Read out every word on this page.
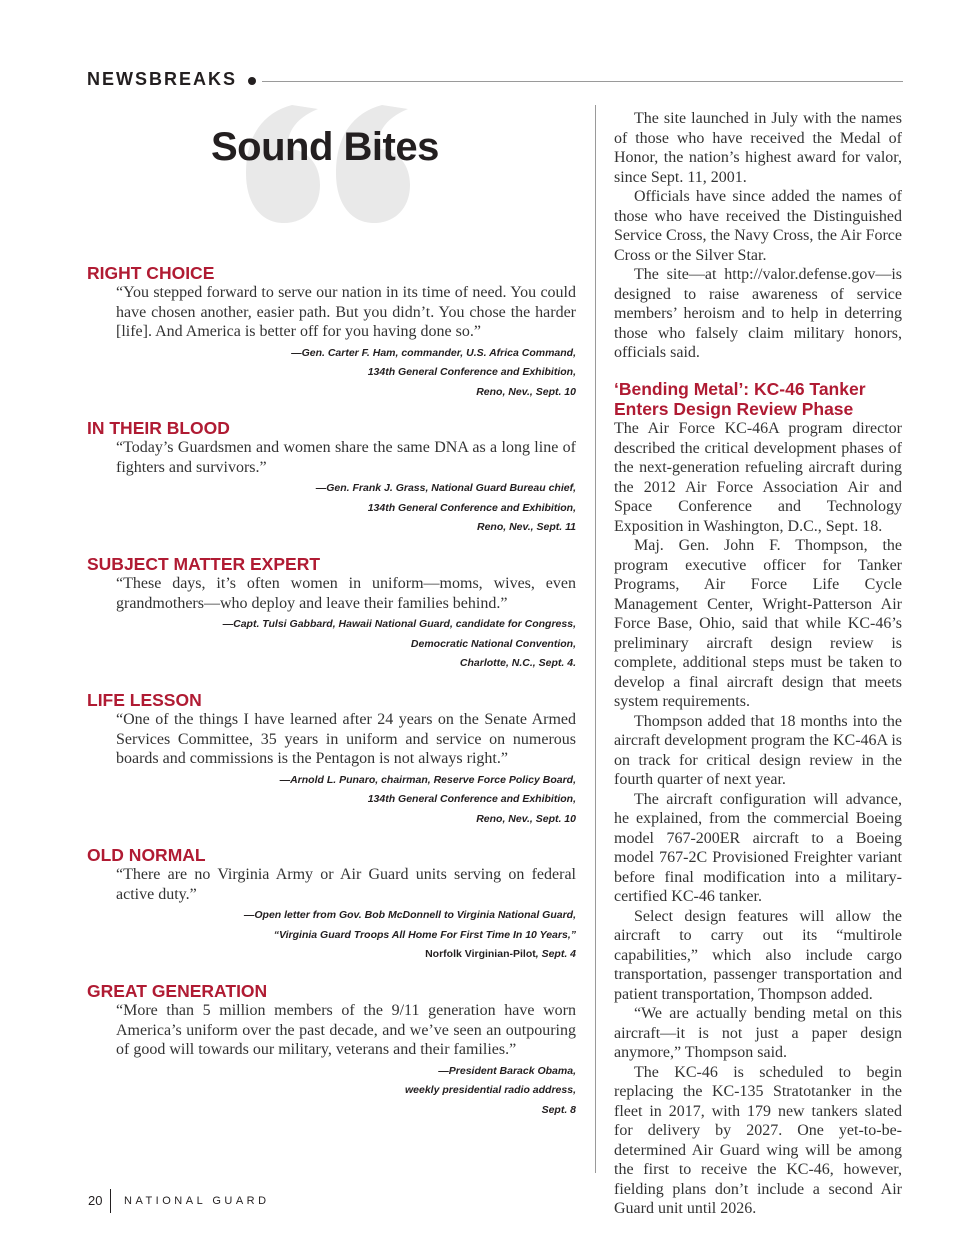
NEWSBREAKS
Sound Bites
RIGHT CHOICE

“You stepped forward to serve our nation in its time of need. You could have chosen another, easier path. But you didn’t. You chose the harder [life]. And America is better off for you having done so.”

—Gen. Carter F. Ham, commander, U.S. Africa Command,
134th General Conference and Exhibition,
Reno, Nev., Sept. 10
IN THEIR BLOOD

“Today’s Guardsmen and women share the same DNA as a long line of fighters and survivors.”

—Gen. Frank J. Grass, National Guard Bureau chief,
134th General Conference and Exhibition,
Reno, Nev., Sept. 11
SUBJECT MATTER EXPERT

“These days, it’s often women in uniform—moms, wives, even grandmothers—who deploy and leave their families behind.”

—Capt. Tulsi Gabbard, Hawaii National Guard, candidate for Congress,
Democratic National Convention,
Charlotte, N.C., Sept. 4.
LIFE LESSON

“One of the things I have learned after 24 years on the Senate Armed Services Committee, 35 years in uniform and service on numerous boards and commissions is the Pentagon is not always right.”

—Arnold L. Punaro, chairman, Reserve Force Policy Board,
134th General Conference and Exhibition,
Reno, Nev., Sept. 10
OLD NORMAL

“There are no Virginia Army or Air Guard units serving on federal active duty.”

—Open letter from Gov. Bob McDonnell to Virginia National Guard,
“Virginia Guard Troops All Home For First Time In 10 Years,”
Norfolk Virginian-Pilot, Sept. 4
GREAT GENERATION

“More than 5 million members of the 9/11 generation have worn America’s uniform over the past decade, and we’ve seen an outpouring of good will towards our military, veterans and their families.”

—President Barack Obama,
weekly presidential radio address,
Sept. 8

The site launched in July with the names of those who have received the Medal of Honor, the nation’s highest award for valor, since Sept. 11, 2001.

Officials have since added the names of those who have received the Distinguished Service Cross, the Navy Cross, the Air Force Cross or the Silver Star.

The site—at http://valor.defense.gov—is designed to raise awareness of service members’ heroism and to help in deterring those who falsely claim military honors, officials said.

‘Bending Metal’: KC-46 Tanker Enters Design Review Phase

The Air Force KC-46A program director described the critical development phases of the next-generation refueling aircraft during the 2012 Air Force Association Air and Space Conference and Technology Exposition in Washington, D.C., Sept. 18.

Maj. Gen. John F. Thompson, the program executive officer for Tanker Programs, Air Force Life Cycle Management Center, Wright-Patterson Air Force Base, Ohio, said that while KC-46’s preliminary aircraft design review is complete, additional steps must be taken to develop a final aircraft design that meets system requirements.

Thompson added that 18 months into the aircraft development program the KC-46A is on track for critical design review in the fourth quarter of next year.

The aircraft configuration will advance, he explained, from the commercial Boeing model 767-200ER aircraft to a Boeing model 767-2C Provisioned Freighter variant before final modification into a military-certified KC-46 tanker.

Select design features will allow the aircraft to carry out its “multirole capabilities,” which also include cargo transportation, passenger transportation and patient transportation, Thompson added.

“We are actually bending metal on this aircraft—it is not just a paper design anymore,” Thompson said.

The KC-46 is scheduled to begin replacing the KC-135 Stratotanker in the fleet in 2017, with 179 new tankers slated for delivery by 2027. One yet-to-be-determined Air Guard wing will be among the first to receive the KC-46, however, fielding plans don’t include a second Air Guard unit until 2026.

20 NATIONAL GUARD
